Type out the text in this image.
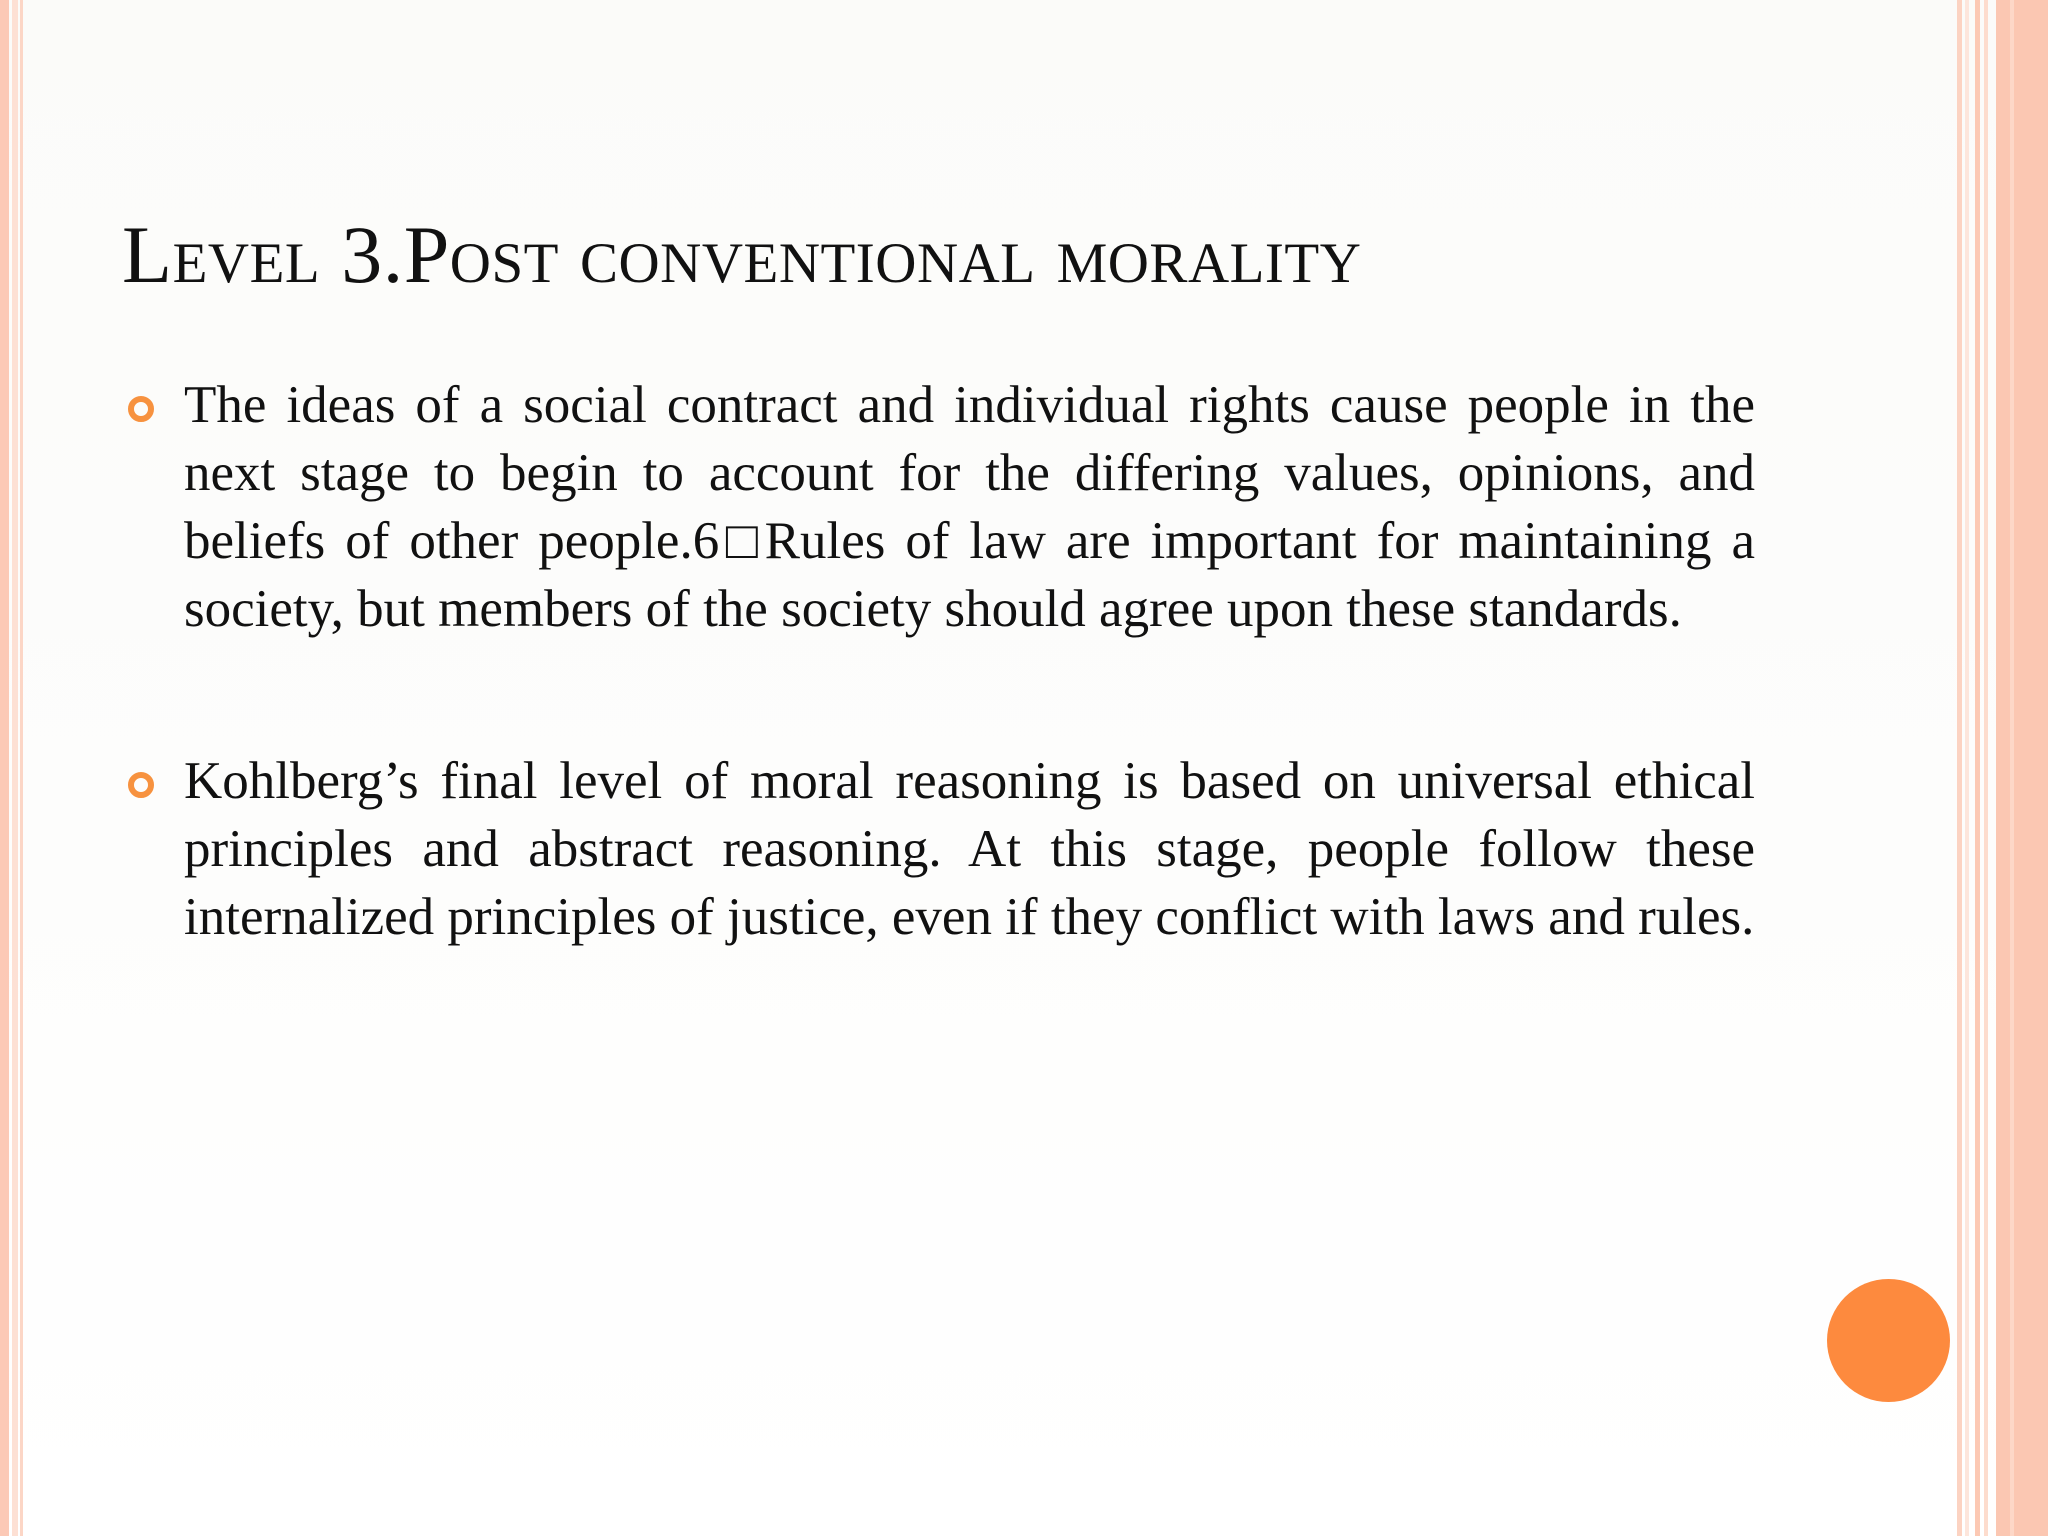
Level 3.Post conventional morality
The ideas of a social contract and individual rights cause people in the next stage to begin to account for the differing values, opinions, and beliefs of other people.6□Rules of law are important for maintaining a society, but members of the society should agree upon these standards.
Kohlberg’s final level of moral reasoning is based on universal ethical principles and abstract reasoning. At this stage, people follow these internalized principles of justice, even if they conflict with laws and rules.
